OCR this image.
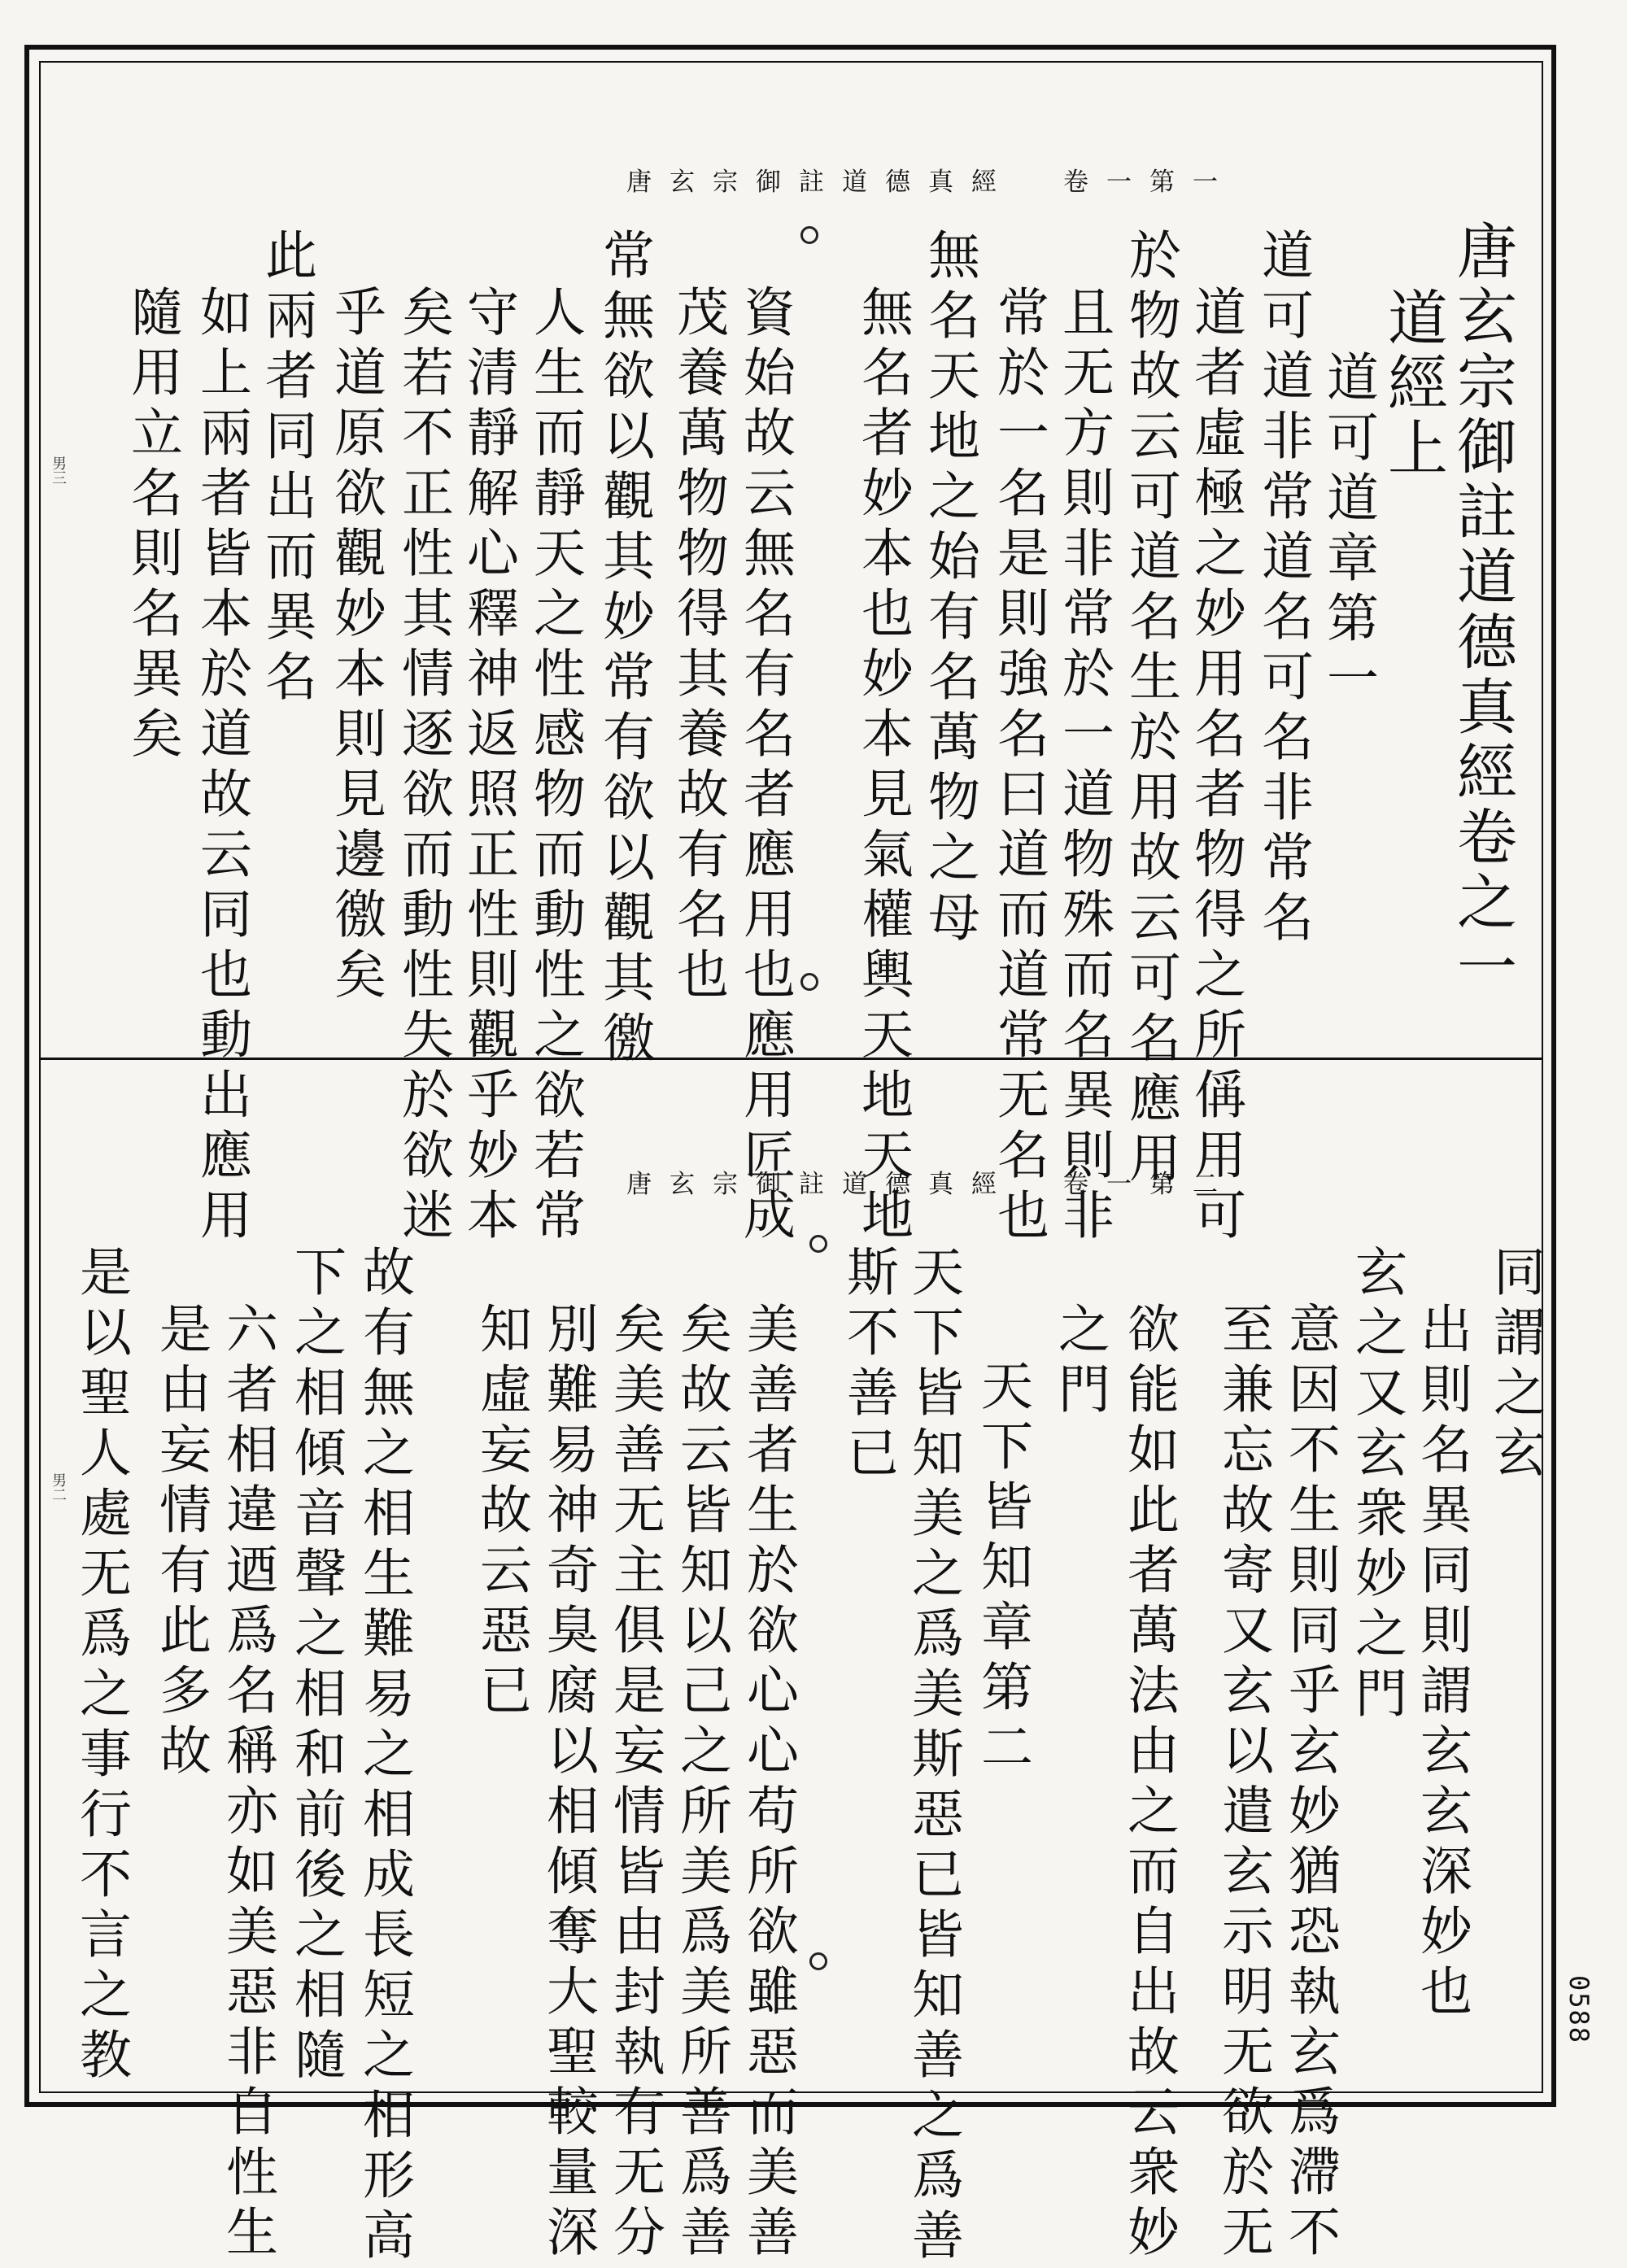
唐玄宗御註道德真經 卷一第一
唐玄宗御註道德真經卷之一
道經上
道可道章第一
道可道非常道名可名非常名
道者虛極之妙用名者物得之所偁用可
於物故云可道名生於用故云可名應用
且无方則非常於一道物殊而名異則非
常於一名是則強名曰道而道常无名也
無名天地之始有名萬物之母
無名者妙本也妙本見氣權輿天地天地
資始故云無名有名者應用也應用匠成
茂養萬物物得其養故有名也
常無欲以觀其妙常有欲以觀其徼
人生而靜天之性感物而動性之欲若常
守清靜解心釋神返照正性則觀乎妙本
矣若不正性其情逐欲而動性失於欲迷
乎道原欲觀妙本則見邊徼矣
此兩者同出而異名
如上兩者皆本於道故云同也動出應用
隨用立名則名異矣
男三
唐玄宗御註道德真經 卷一第二
同謂之玄
出則名異同則謂玄玄深妙也
玄之又玄衆妙之門
意因不生則同乎玄妙猶恐執玄爲滯不
至兼忘故寄又玄以遣玄示明无欲於无
欲能如此者萬法由之而自出故云衆妙
之門
天下皆知章第二
天下皆知美之爲美斯惡已皆知善之爲善
斯不善已
美善者生於欲心心苟所欲雖惡而美善
矣故云皆知以己之所美爲美所善爲善
矣美善无主俱是妄情皆由封執有无分
別難易神奇臭腐以相傾奪大聖較量深
知虛妄故云惡已
故有無之相生難易之相成長短之相形高
下之相傾音聲之相和前後之相隨
六者相違迺爲名稱亦如美惡非自性生
是由妄情有此多故
是以聖人處无爲之事行不言之教
男二
0588
